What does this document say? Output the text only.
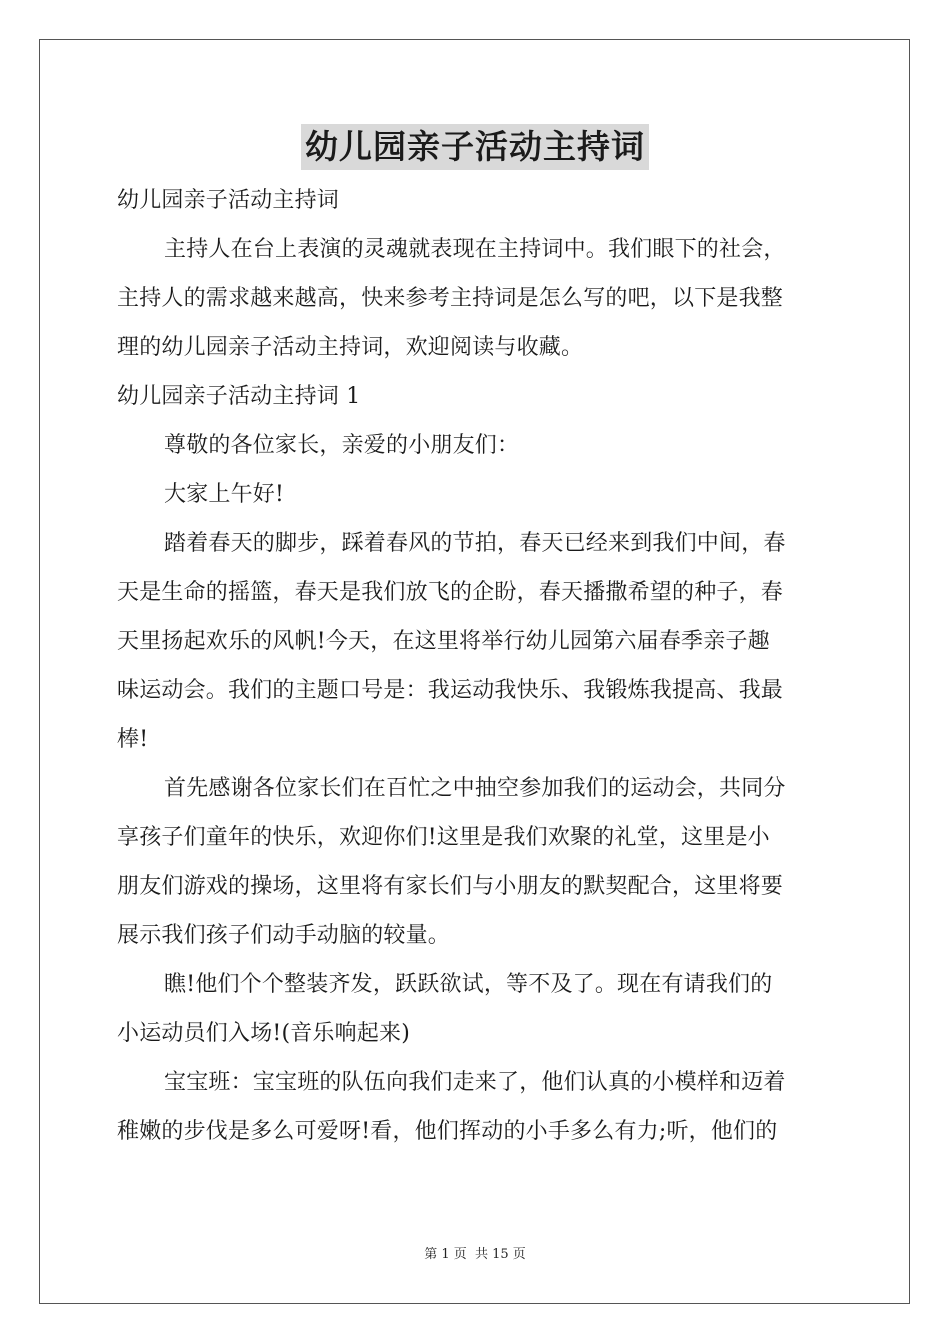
幼儿园亲子活动主持词
幼儿园亲子活动主持词
主持人在台上表演的灵魂就表现在主持词中。我们眼下的社会，
主持人的需求越来越高，快来参考主持词是怎么写的吧，以下是我整
理的幼儿园亲子活动主持词，欢迎阅读与收藏。
幼儿园亲子活动主持词 1
尊敬的各位家长，亲爱的小朋友们：
大家上午好!
踏着春天的脚步，踩着春风的节拍，春天已经来到我们中间，春
天是生命的摇篮，春天是我们放飞的企盼，春天播撒希望的种子，春
天里扬起欢乐的风帆!今天，在这里将举行幼儿园第六届春季亲子趣
味运动会。我们的主题口号是：我运动我快乐、我锻炼我提高、我最
棒!
首先感谢各位家长们在百忙之中抽空参加我们的运动会，共同分
享孩子们童年的快乐，欢迎你们!这里是我们欢聚的礼堂，这里是小
朋友们游戏的操场，这里将有家长们与小朋友的默契配合，这里将要
展示我们孩子们动手动脑的较量。
瞧!他们个个整装齐发，跃跃欲试，等不及了。现在有请我们的
小运动员们入场!(音乐响起来)
宝宝班：宝宝班的队伍向我们走来了，他们认真的小模样和迈着
稚嫩的步伐是多么可爱呀!看，他们挥动的小手多么有力;听，他们的
第 1 页 共 15 页
